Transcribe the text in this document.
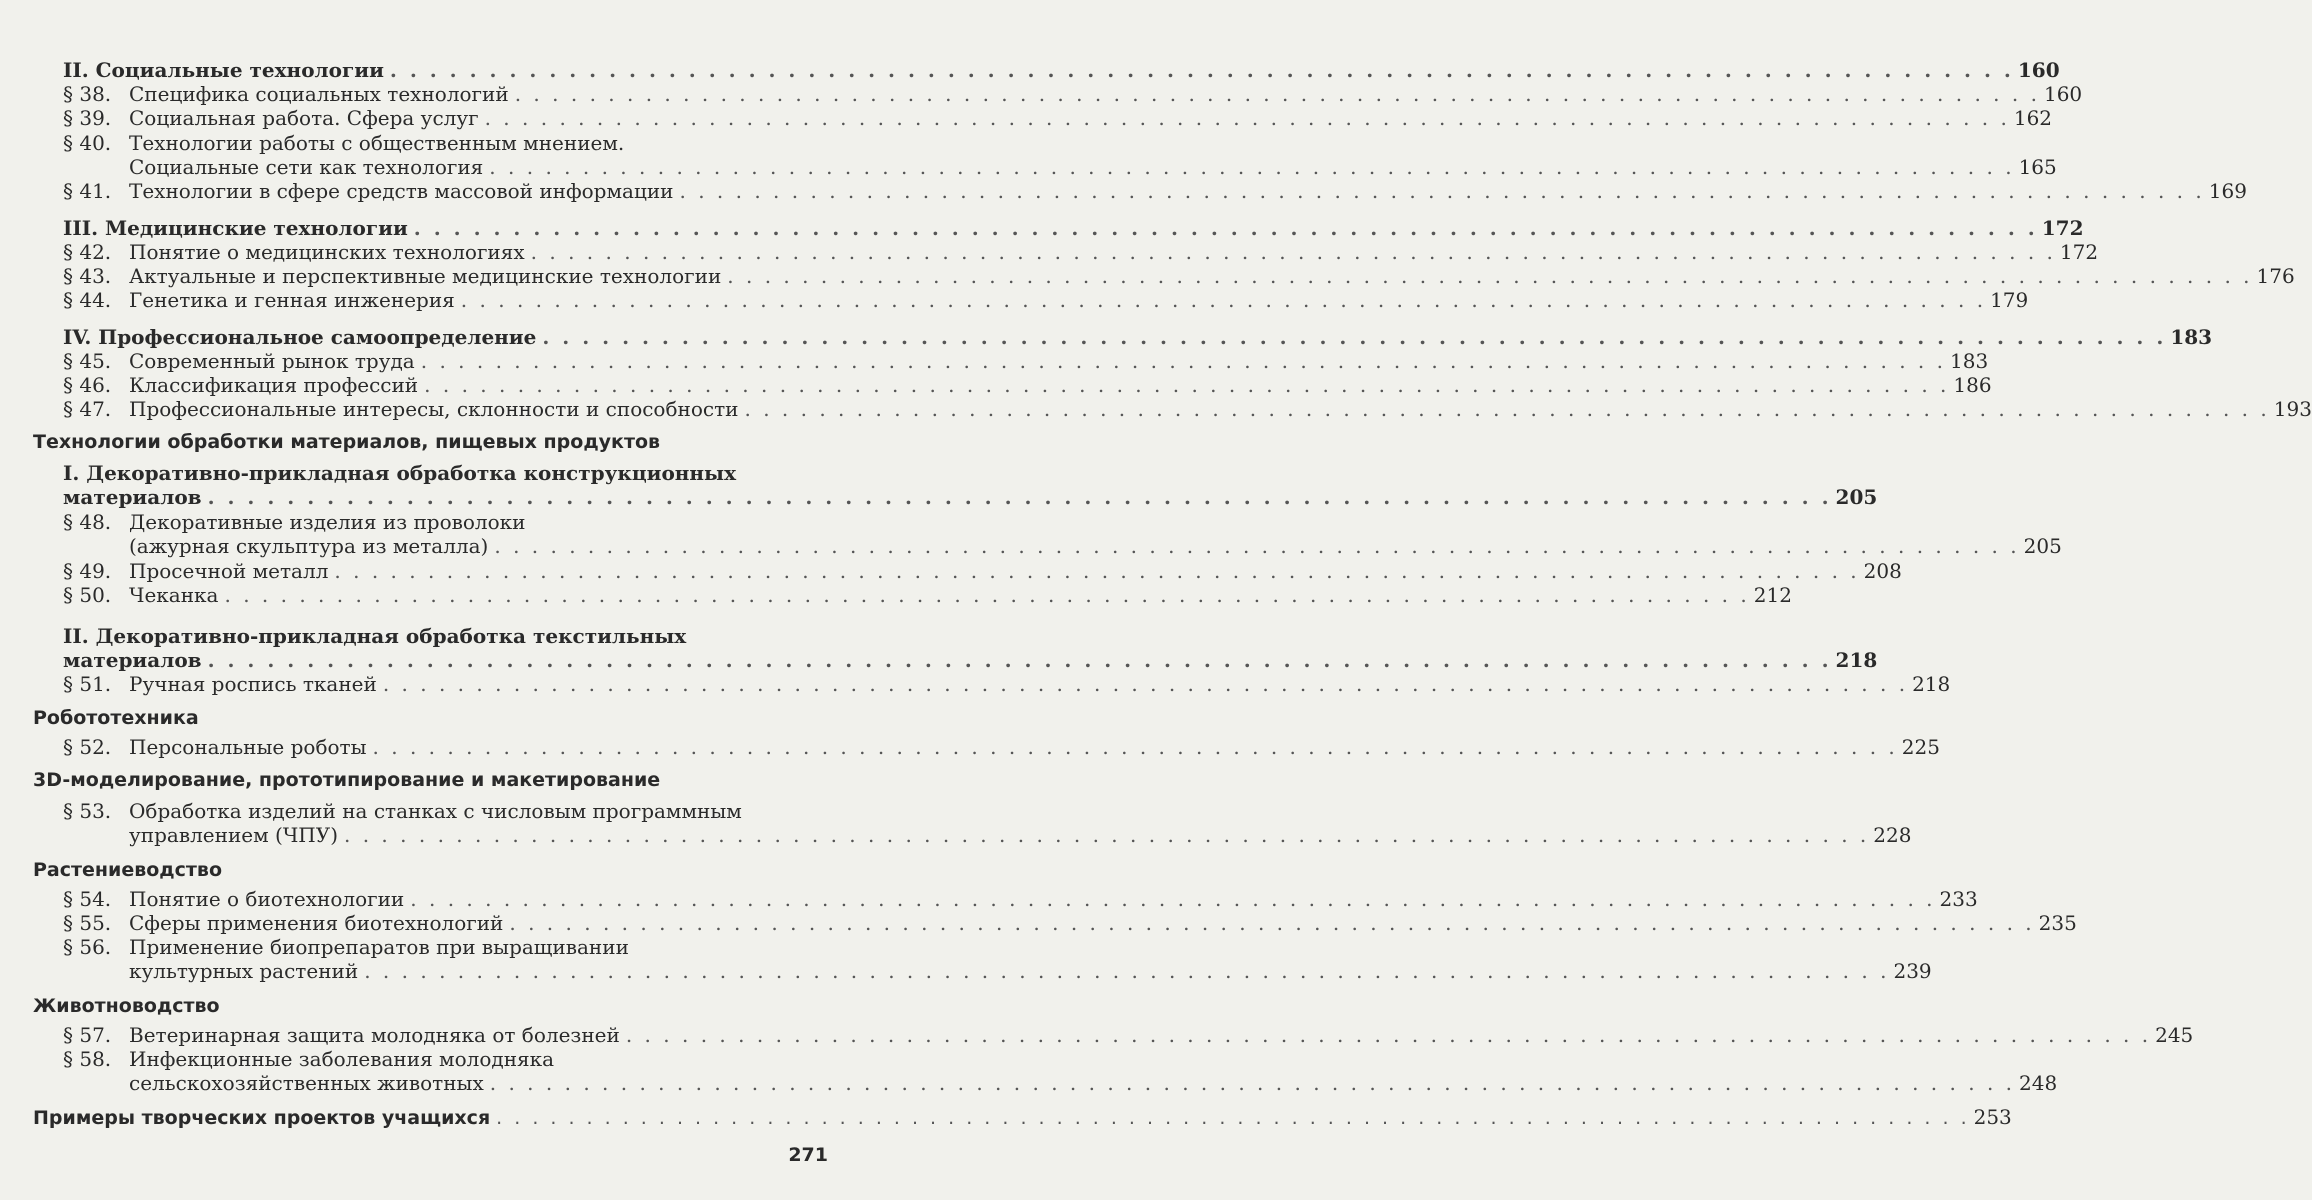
II. Социальные технологии . . . . . . . . . . . . . . . . . . . . . . . . . . . . . . . . . . . . . . . . . . . . . . . . . . . . . . . . . . . . . . . . . . . . . . . . . . . . . . . . . . 160
§ 38. Специфика социальных технологий . . . . . . . . . . . . . . . . . . . . . . . . . . . . . . . . . . . . . . . . . . . . . . . . . . . . . . . . . . . . . . . . . . . . . . . . . . . . . . . . . . 160
§ 39. Социальная работа. Сфера услуг . . . . . . . . . . . . . . . . . . . . . . . . . . . . . . . . . . . . . . . . . . . . . . . . . . . . . . . . . . . . . . . . . . . . . . . . . . . . . . . . . . 162
§ 40. Технологии работы с общественным мнением.
Социальные сети как технология . . . . . . . . . . . . . . . . . . . . . . . . . . . . . . . . . . . . . . . . . . . . . . . . . . . . . . . . . . . . . . . . . . . . . . . . . . . . . . . . . . 165
§ 41. Технологии в сфере средств массовой информации . . . . . . . . . . . . . . . . . . . . . . . . . . . . . . . . . . . . . . . . . . . . . . . . . . . . . . . . . . . . . . . . . . . . . . . . . . . . . . . . . . 169
III. Медицинские технологии . . . . . . . . . . . . . . . . . . . . . . . . . . . . . . . . . . . . . . . . . . . . . . . . . . . . . . . . . . . . . . . . . . . . . . . . . . . . . . . . . . 172
§ 42. Понятие о медицинских технологиях . . . . . . . . . . . . . . . . . . . . . . . . . . . . . . . . . . . . . . . . . . . . . . . . . . . . . . . . . . . . . . . . . . . . . . . . . . . . . . . . . . 172
§ 43. Актуальные и перспективные медицинские технологии . . . . . . . . . . . . . . . . . . . . . . . . . . . . . . . . . . . . . . . . . . . . . . . . . . . . . . . . . . . . . . . . . . . . . . . . . . . . . . . . . . 176
§ 44. Генетика и генная инженерия . . . . . . . . . . . . . . . . . . . . . . . . . . . . . . . . . . . . . . . . . . . . . . . . . . . . . . . . . . . . . . . . . . . . . . . . . . . . . . . . . . 179
IV. Профессиональное самоопределение . . . . . . . . . . . . . . . . . . . . . . . . . . . . . . . . . . . . . . . . . . . . . . . . . . . . . . . . . . . . . . . . . . . . . . . . . . . . . . . . . . 183
§ 45. Современный рынок труда . . . . . . . . . . . . . . . . . . . . . . . . . . . . . . . . . . . . . . . . . . . . . . . . . . . . . . . . . . . . . . . . . . . . . . . . . . . . . . . . . . 183
§ 46. Классификация профессий . . . . . . . . . . . . . . . . . . . . . . . . . . . . . . . . . . . . . . . . . . . . . . . . . . . . . . . . . . . . . . . . . . . . . . . . . . . . . . . . . . 186
§ 47. Профессиональные интересы, склонности и способности . . . . . . . . . . . . . . . . . . . . . . . . . . . . . . . . . . . . . . . . . . . . . . . . . . . . . . . . . . . . . . . . . . . . . . . . . . . . . . . . . . 193
Технологии обработки материалов, пищевых продуктов
I. Декоративно-прикладная обработка конструкционных
материалов . . . . . . . . . . . . . . . . . . . . . . . . . . . . . . . . . . . . . . . . . . . . . . . . . . . . . . . . . . . . . . . . . . . . . . . . . . . . . . . . . . 205
§ 48. Декоративные изделия из проволоки
(ажурная скульптура из металла) . . . . . . . . . . . . . . . . . . . . . . . . . . . . . . . . . . . . . . . . . . . . . . . . . . . . . . . . . . . . . . . . . . . . . . . . . . . . . . . . . . 205
§ 49. Просечной металл . . . . . . . . . . . . . . . . . . . . . . . . . . . . . . . . . . . . . . . . . . . . . . . . . . . . . . . . . . . . . . . . . . . . . . . . . . . . . . . . . . 208
§ 50. Чеканка . . . . . . . . . . . . . . . . . . . . . . . . . . . . . . . . . . . . . . . . . . . . . . . . . . . . . . . . . . . . . . . . . . . . . . . . . . . . . . . . . . 212
II. Декоративно-прикладная обработка текстильных
материалов . . . . . . . . . . . . . . . . . . . . . . . . . . . . . . . . . . . . . . . . . . . . . . . . . . . . . . . . . . . . . . . . . . . . . . . . . . . . . . . . . . 218
§ 51. Ручная роспись тканей . . . . . . . . . . . . . . . . . . . . . . . . . . . . . . . . . . . . . . . . . . . . . . . . . . . . . . . . . . . . . . . . . . . . . . . . . . . . . . . . . . 218
Робототехника
§ 52. Персональные роботы . . . . . . . . . . . . . . . . . . . . . . . . . . . . . . . . . . . . . . . . . . . . . . . . . . . . . . . . . . . . . . . . . . . . . . . . . . . . . . . . . . 225
3D-моделирование, прототипирование и макетирование
§ 53. Обработка изделий на станках с числовым программным
управлением (ЧПУ) . . . . . . . . . . . . . . . . . . . . . . . . . . . . . . . . . . . . . . . . . . . . . . . . . . . . . . . . . . . . . . . . . . . . . . . . . . . . . . . . . . 228
Растениеводство
§ 54. Понятие о биотехнологии . . . . . . . . . . . . . . . . . . . . . . . . . . . . . . . . . . . . . . . . . . . . . . . . . . . . . . . . . . . . . . . . . . . . . . . . . . . . . . . . . . 233
§ 55. Сферы применения биотехнологий . . . . . . . . . . . . . . . . . . . . . . . . . . . . . . . . . . . . . . . . . . . . . . . . . . . . . . . . . . . . . . . . . . . . . . . . . . . . . . . . . . 235
§ 56. Применение биопрепаратов при выращивании
культурных растений . . . . . . . . . . . . . . . . . . . . . . . . . . . . . . . . . . . . . . . . . . . . . . . . . . . . . . . . . . . . . . . . . . . . . . . . . . . . . . . . . . 239
Животноводство
§ 57. Ветеринарная защита молодняка от болезней . . . . . . . . . . . . . . . . . . . . . . . . . . . . . . . . . . . . . . . . . . . . . . . . . . . . . . . . . . . . . . . . . . . . . . . . . . . . . . . . . . 245
§ 58. Инфекционные заболевания молодняка
сельскохозяйственных животных . . . . . . . . . . . . . . . . . . . . . . . . . . . . . . . . . . . . . . . . . . . . . . . . . . . . . . . . . . . . . . . . . . . . . . . . . . . . . . . . . . 248
Примеры творческих проектов учащихся . . . . . . . . . . . . . . . . . . . . . . . . . . . . . . . . . . . . . . . . . . . . . . . . . . . . . . . . . . . . . . . . . . . . . . . . . . . . . . . . . . 253
271
